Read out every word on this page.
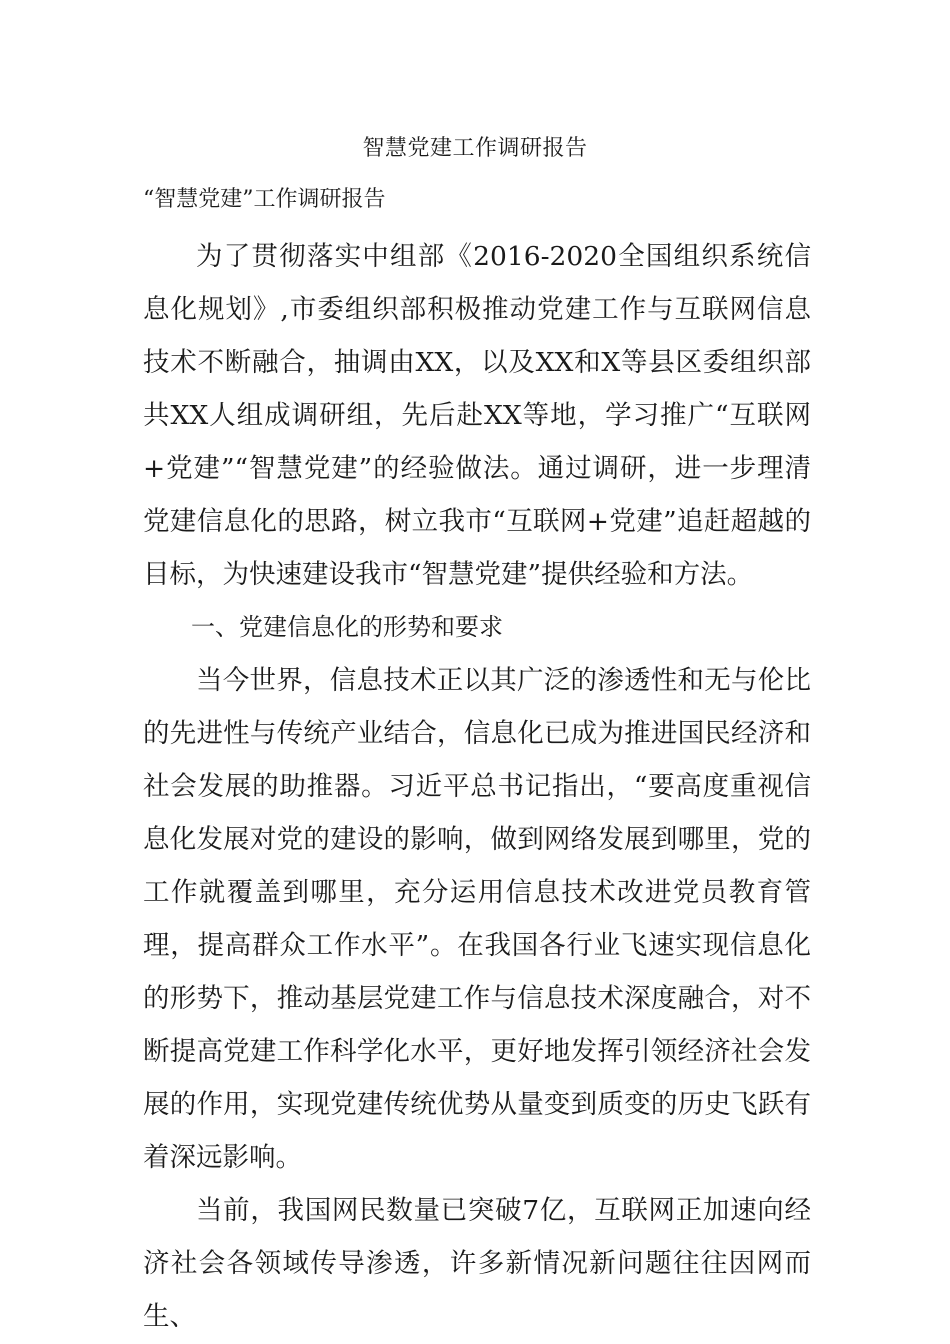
智慧党建工作调研报告
“智慧党建”工作调研报告

为了贯彻落实中组部《2016-2020全国组织系统信息化规划》,市委组织部积极推动党建工作与互联网信息技术不断融合，抽调由XX，以及XX和X等县区委组织部共XX人组成调研组，先后赴XX等地，学习推广“互联网+党建”“智慧党建”的经验做法。通过调研，进一步理清党建信息化的思路，树立我市“互联网+党建”追赶超越的目标，为快速建设我市“智慧党建”提供经验和方法。

一、党建信息化的形势和要求

当今世界，信息技术正以其广泛的渗透性和无与伦比的先进性与传统产业结合，信息化已成为推进国民经济和社会发展的助推器。习近平总书记指出，“要高度重视信息化发展对党的建设的影响，做到网络发展到哪里，党的工作就覆盖到哪里，充分运用信息技术改进党员教育管理，提高群众工作水平”。在我国各行业飞速实现信息化的形势下，推动基层党建工作与信息技术深度融合，对不断提高党建工作科学化水平，更好地发挥引领经济社会发展的作用，实现党建传统优势从量变到质变的历史飞跃有着深远影响。

当前，我国网民数量已突破7亿，互联网正加速向经济社会各领域传导渗透，许多新情况新问题往往因网而生、
